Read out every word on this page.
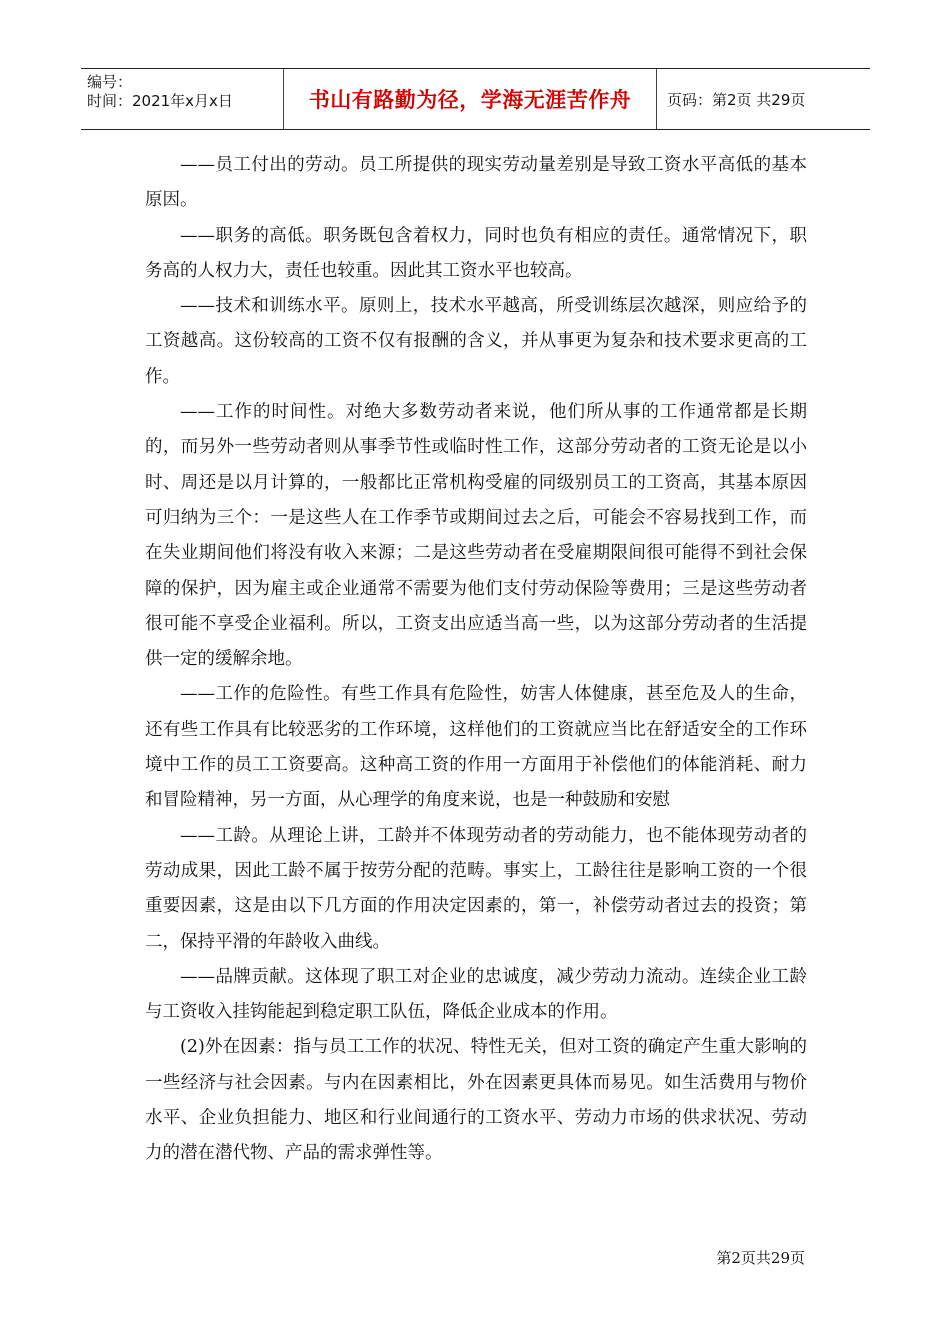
编号：
时间：2021年x月x日	书山有路勤为径，学海无涯苦作舟	页码：第2页 共29页

——员工付出的劳动。员工所提供的现实劳动量差别是导致工资水平高低的基本原因。

——职务的高低。职务既包含着权力，同时也负有相应的责任。通常情况下，职务高的人权力大，责任也较重。因此其工资水平也较高。

——技术和训练水平。原则上，技术水平越高，所受训练层次越深，则应给予的工资越高。这份较高的工资不仅有报酬的含义，并从事更为复杂和技术要求更高的工作。

——工作的时间性。对绝大多数劳动者来说，他们所从事的工作通常都是长期的，而另外一些劳动者则从事季节性或临时性工作，这部分劳动者的工资无论是以小时、周还是以月计算的，一般都比正常机构受雇的同级别员工的工资高，其基本原因可归纳为三个：一是这些人在工作季节或期间过去之后，可能会不容易找到工作，而在失业期间他们将没有收入来源；二是这些劳动者在受雇期限间很可能得不到社会保障的保护，因为雇主或企业通常不需要为他们支付劳动保险等费用；三是这些劳动者很可能不享受企业福利。所以，工资支出应适当高一些，以为这部分劳动者的生活提供一定的缓解余地。

——工作的危险性。有些工作具有危险性，妨害人体健康，甚至危及人的生命，还有些工作具有比较恶劣的工作环境，这样他们的工资就应当比在舒适安全的工作环境中工作的员工工资要高。这种高工资的作用一方面用于补偿他们的体能消耗、耐力和冒险精神，另一方面，从心理学的角度来说，也是一种鼓励和安慰

——工龄。从理论上讲，工龄并不体现劳动者的劳动能力，也不能体现劳动者的劳动成果，因此工龄不属于按劳分配的范畴。事实上，工龄往往是影响工资的一个很重要因素，这是由以下几方面的作用决定因素的，第一，补偿劳动者过去的投资；第二，保持平滑的年龄收入曲线。

——品牌贡献。这体现了职工对企业的忠诚度，减少劳动力流动。连续企业工龄与工资收入挂钩能起到稳定职工队伍，降低企业成本的作用。

(2)外在因素：指与员工工作的状况、特性无关，但对工资的确定产生重大影响的一些经济与社会因素。与内在因素相比，外在因素更具体而易见。如生活费用与物价水平、企业负担能力、地区和行业间通行的工资水平、劳动力市场的供求状况、劳动力的潜在潜代物、产品的需求弹性等。

第2页共29页
